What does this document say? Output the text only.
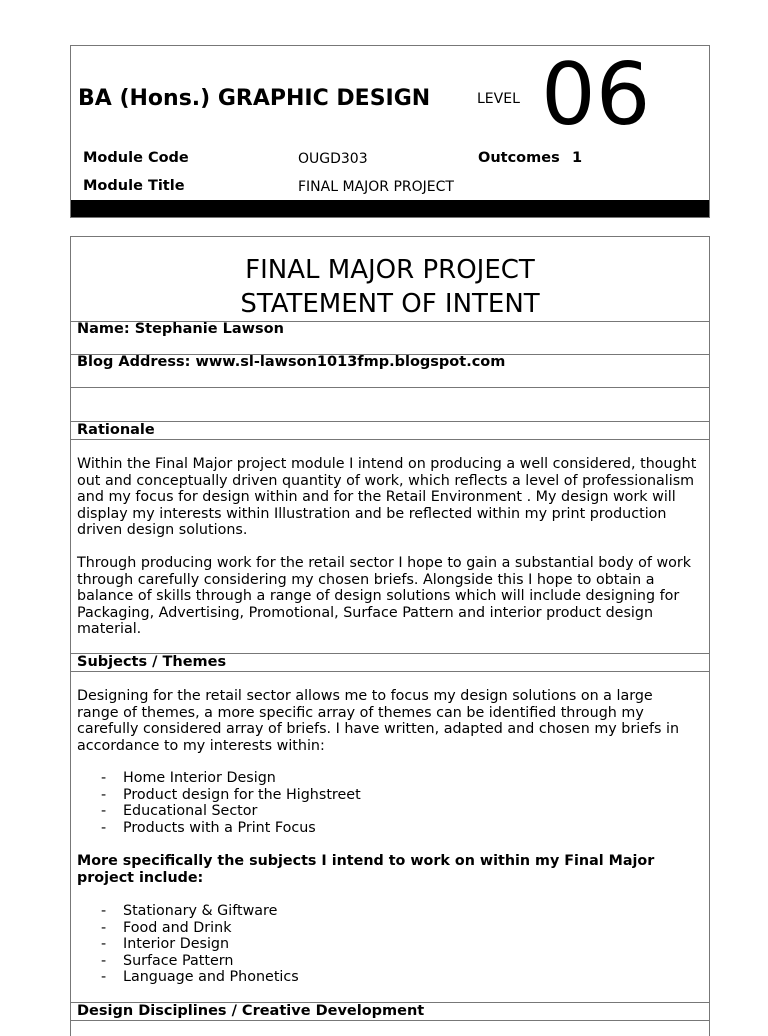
BA (Hons.) GRAPHIC DESIGN	LEVEL 06
Module Code	OUGD303	Outcomes 1
Module Title	FINAL MAJOR PROJECT
FINAL MAJOR PROJECT
STATEMENT OF INTENT
Name: Stephanie Lawson
Blog Address: www.sl-lawson1013fmp.blogspot.com
Rationale

Within the Final Major project module I intend on producing a well considered, thought out and conceptually driven quantity of work, which reflects a level of professionalism and my focus for design within and for the Retail Environment . My design work will display my interests within Illustration and be reflected within my print production driven design solutions.

Through producing work for the retail sector I hope to gain a substantial body of work through carefully considering my chosen briefs. Alongside this I hope to obtain a balance of skills through a range of design solutions which will include designing for Packaging, Advertising, Promotional, Surface Pattern and interior product design material.

Subjects / Themes

Designing for the retail sector allows me to focus my design solutions on a large range of themes, a more specific array of themes can be identified through my carefully considered array of briefs. I have written, adapted and chosen my briefs in accordance to my interests within:

- Home Interior Design
- Product design for the Highstreet
- Educational Sector
- Products with a Print Focus

More specifically the subjects I intend to work on within my Final Major project include:

- Stationary & Giftware
- Food and Drink
- Interior Design
- Surface Pattern
- Language and Phonetics
Design Disciplines / Creative Development
